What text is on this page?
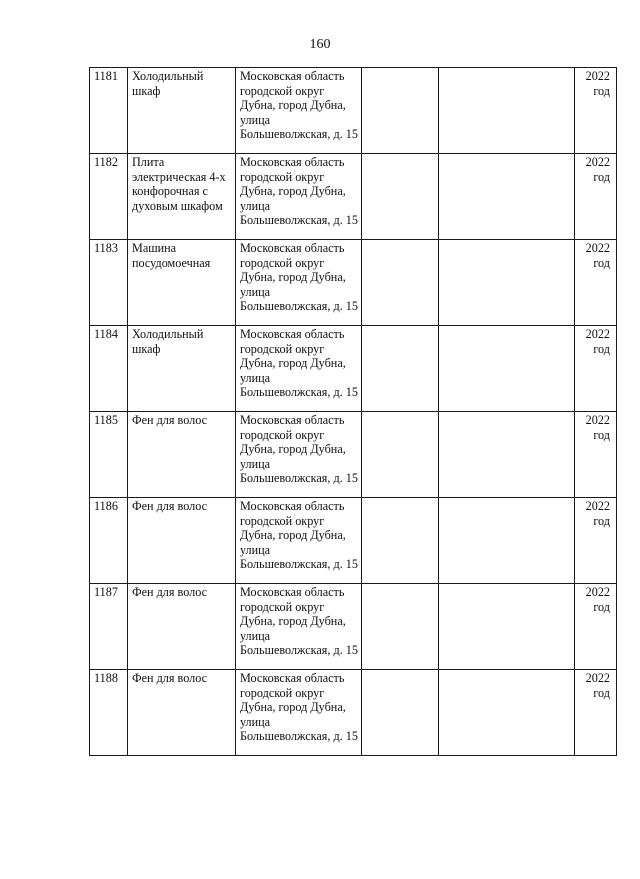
160
1181	Холодильный шкаф	Московская область городской округ Дубна, город Дубна, улица Большеволжская, д. 15			2022 год
1182	Плита электрическая 4-х конфорочная с духовым шкафом	Московская область городской округ Дубна, город Дубна, улица Большеволжская, д. 15			2022 год
1183	Машина посудомоечная	Московская область городской округ Дубна, город Дубна, улица Большеволжская, д. 15			2022 год
1184	Холодильный шкаф	Московская область городской округ Дубна, город Дубна, улица Большеволжская, д. 15			2022 год
1185	Фен для волос	Московская область городской округ Дубна, город Дубна, улица Большеволжская, д. 15			2022 год
1186	Фен для волос	Московская область городской округ Дубна, город Дубна, улица Большеволжская, д. 15			2022 год
1187	Фен для волос	Московская область городской округ Дубна, город Дубна, улица Большеволжская, д. 15			2022 год
1188	Фен для волос	Московская область городской округ Дубна, город Дубна, улица Большеволжская, д. 15			2022 год
